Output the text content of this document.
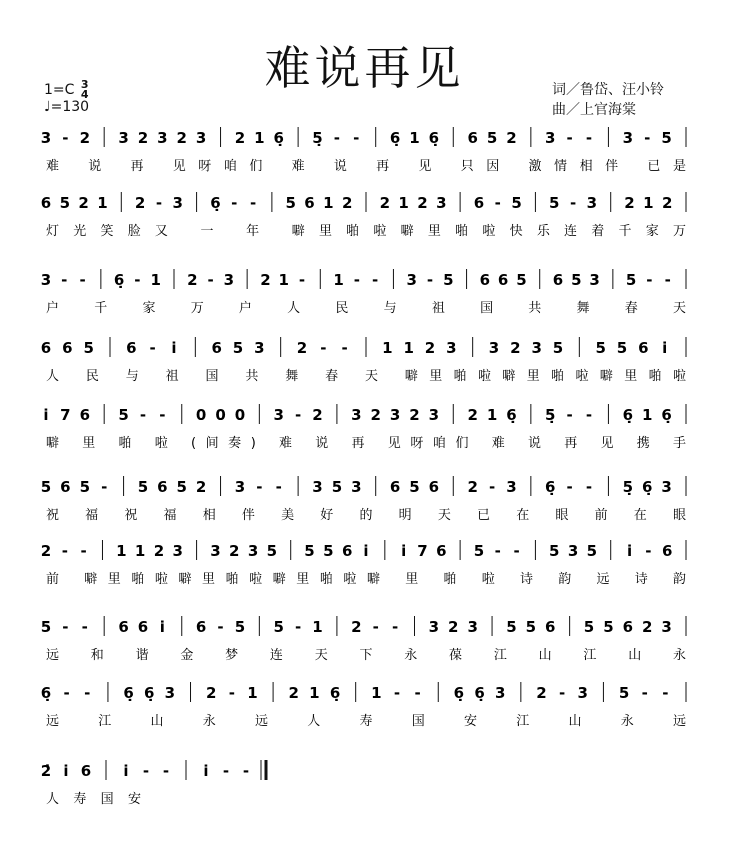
难说再见
1=C 3
4
♩=130
词／鲁岱、汪小铃
曲／上官海棠
3 - 2 3 2 3 2 3 2 1 6̣ 5̣ - - 6̣ 1 6̣ 6 5 2 3 - - 3 - 5
难 说 再 见呀咱们 难 说 再 见 只因 激情相伴 已是
6 5 2 1 2 - 3 6̣ - - 5 6 1 2 2 1 2 3 6 - 5 5 - 3 2 1 2
灯光笑脸又 一 年 噼里啪啦噼里啪啦快乐连着千家万
3 - - 6̣ - 1 2 - 3 2 1 - 1 - - 3 - 5 6 6 5 6 5 3 5 - -
户 千 家 万 户 人 民 与 祖 国 共 舞 春 天
6 6 5 6 - i 6 5 3 2 - - 1 1 2 3 3 2 3 5 5 5 6 i
人 民 与 祖 国 共 舞 春 天 噼里啪啦噼里啪啦噼里啪啦
i 7 6 5 - - 0 0 0 3 - 2 3 2 3 2 3 2 1 6̣ 5̣ - - 6̣ 1 6̣
噼 里 啪 啦 (间奏) 难 说 再 见呀咱们 难 说 再 见 携 手
5 6 5 - 5 6 5 2 3 - - 3 5 3 6 5 6 2 - 3 6̣ - - 5̣ 6̣ 3
祝 福 祝 福 相 伴 美 好 的 明 天 已 在 眼 前 在 眼
2 - - 1 1 2 3 3 2 3 5 5 5 6 i i 7 6 5 - - 5 3 5 i - 6
前 噼里啪啦噼里啪啦噼里啪啦噼 里 啪 啦 诗 韵 远 诗 韵
5 - - 6 6 i 6 - 5 5 - 1 2 - - 3 2 3 5 5 6 5 5 6 2 3
远 和 谐 金 梦 连 天 下 永 葆 江 山 江 山 永
6̣ - - 6̣ 6̣ 3 2 - 1 2 1 6̣ 1 - - 6̣ 6̣ 3 2 - 3 5 - -
远 江 山 永 远 人 寿 国 安 江 山 永 远
2̇ i 6 i - - i - -
人 寿 国 安
